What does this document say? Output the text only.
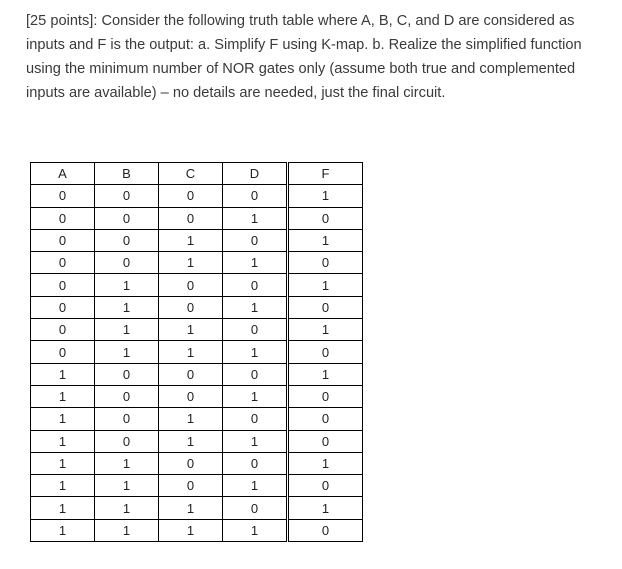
[25 points]: Consider the following truth table where A, B, C, and D are considered as inputs and F is the output: a. Simplify F using K-map. b. Realize the simplified function using the minimum number of NOR gates only (assume both true and complemented inputs are available) – no details are needed, just the final circuit.

A	B	C	D	F
0	0	0	0	1
0	0	0	1	0
0	0	1	0	1
0	0	1	1	0
0	1	0	0	1
0	1	0	1	0
0	1	1	0	1
0	1	1	1	0
1	0	0	0	1
1	0	0	1	0
1	0	1	0	0
1	0	1	1	0
1	1	0	0	1
1	1	0	1	0
1	1	1	0	1
1	1	1	1	0
